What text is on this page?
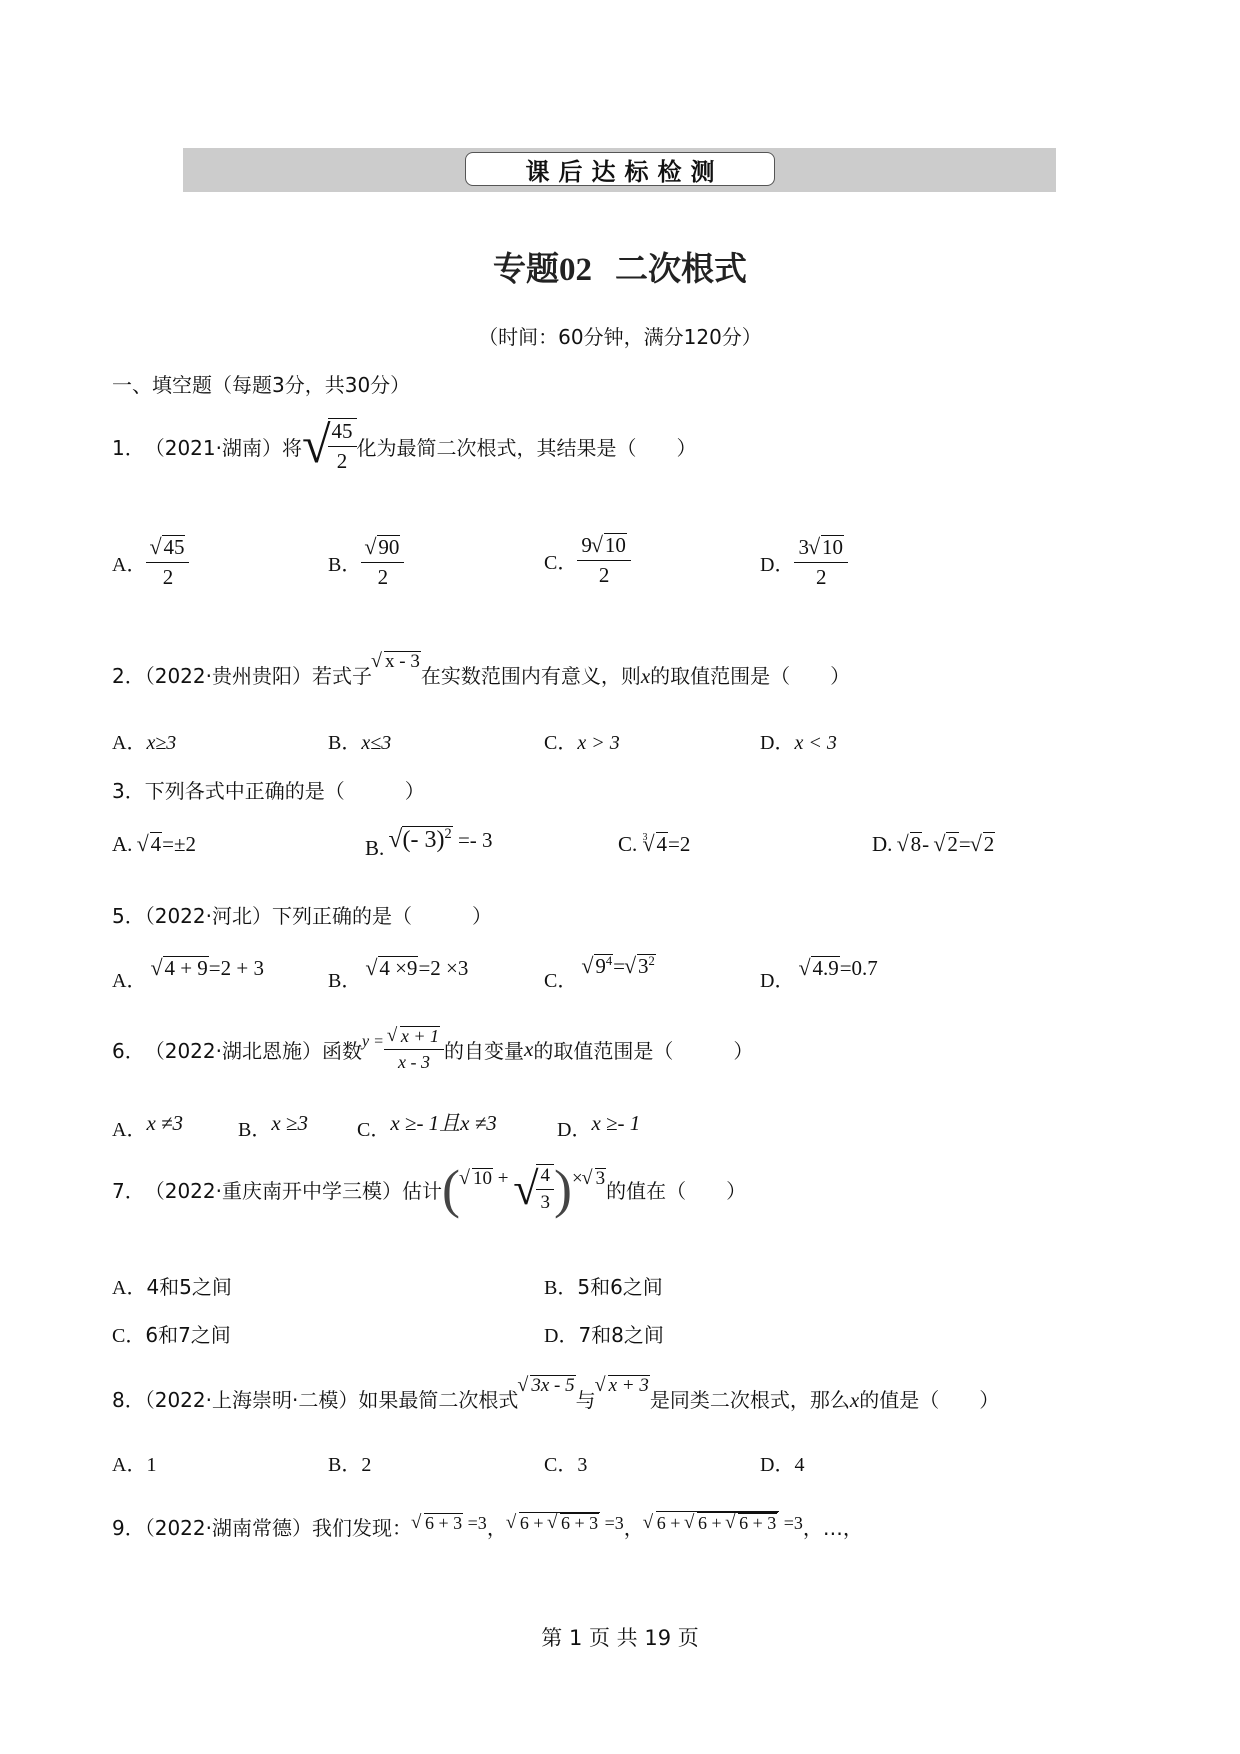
课后达标检测
专题02 二次根式
（时间：60分钟，满分120分）
一、填空题（每题3分，共30分）
1． （2021·湖南） 将 √
$\frac{45}{2}$ 化为最简二次根式，其结果是（　　）
A． √ $\frac{45}{2}$	B． √ $\frac{90}{2}$	C． $\frac{9 √ 10}{2}$	D． $\frac{3 √ 10}{2}$
2．（2022·贵州贵阳）若式子√ x - 3在实数范围内有意义，则x的取值范围是（　　）
A．x≥3	B．x≤3	C．x > 3	D．x < 3
3．下列各式中正确的是（　　　）
A. √ 4=±2	B. √ (- 3)$^2$ =- 3	C. $^3$ √ 4=2	D. √ 8- √ 2= √ 2
5．（2022·河北）下列正确的是（　　　）
A． √ 4 + 9=2 + 3
B． √ 4 ×9=2 ×3
C． √ $9^4=$ √ $3^2$
D． √ 4.9=0.7
6． （2022·湖北恩施） 函数 y = √ $\frac{x + 1}{x - 3}$ 的自变量 x 的取值范围是（　　　）
A．x ≠3	B．x ≥3 C．x ≥- 1且x ≠3	D．x ≥- 1
7． （2022·重庆南开中学三模） 估计 ( √ 10 + √
$\frac{4}{3}$ ) × √ 3 的值在（　　）
A．4和5之间	B．5和6之间
C．6和7之间	D．7和8之间
8．（2022·上海崇明·二模）如果最简二次根式√ 3x - 5与√ x + 3是同类二次根式，那么x的值是（　　）
A．1	B．2	C．3	D．4
9．（2022·湖南常德）我们发现： √ 6 + 3 =3， √ 6 + √ 6 + 3 =3， √ 6 + √ 6 + √ 6 + 3 =3，…，
第 1 页 共 19 页
